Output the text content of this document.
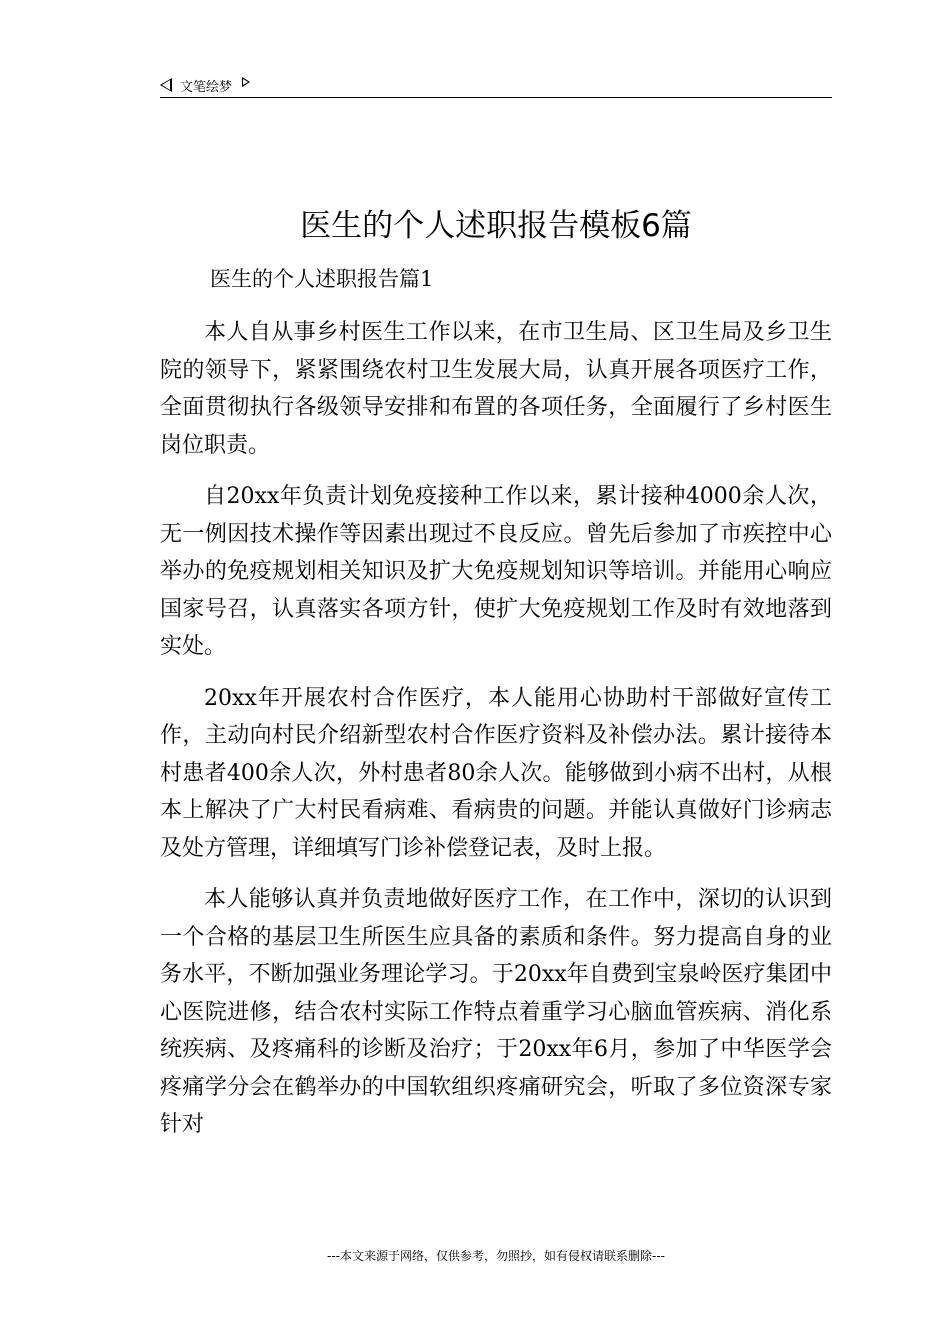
文笔绘梦
医生的个人述职报告模板6篇
医生的个人述职报告篇1

本人自从事乡村医生工作以来，在市卫生局、区卫生局及乡卫生院的领导下，紧紧围绕农村卫生发展大局，认真开展各项医疗工作，全面贯彻执行各级领导安排和布置的各项任务，全面履行了乡村医生岗位职责。

自20xx年负责计划免疫接种工作以来，累计接种4000余人次，无一例因技术操作等因素出现过不良反应。曾先后参加了市疾控中心举办的免疫规划相关知识及扩大免疫规划知识等培训。并能用心响应国家号召，认真落实各项方针，使扩大免疫规划工作及时有效地落到实处。

20xx年开展农村合作医疗，本人能用心协助村干部做好宣传工作，主动向村民介绍新型农村合作医疗资料及补偿办法。累计接待本村患者400余人次，外村患者80余人次。能够做到小病不出村，从根本上解决了广大村民看病难、看病贵的问题。并能认真做好门诊病志及处方管理，详细填写门诊补偿登记表，及时上报。

本人能够认真并负责地做好医疗工作，在工作中，深切的认识到一个合格的基层卫生所医生应具备的素质和条件。努力提高自身的业务水平，不断加强业务理论学习。于20xx年自费到宝泉岭医疗集团中心医院进修，结合农村实际工作特点着重学习心脑血管疾病、消化系统疾病、及疼痛科的诊断及治疗；于20xx年6月，参加了中华医学会疼痛学分会在鹤举办的中国软组织疼痛研究会，听取了多位资深专家针对

---本文来源于网络，仅供参考，勿照抄，如有侵权请联系删除---
